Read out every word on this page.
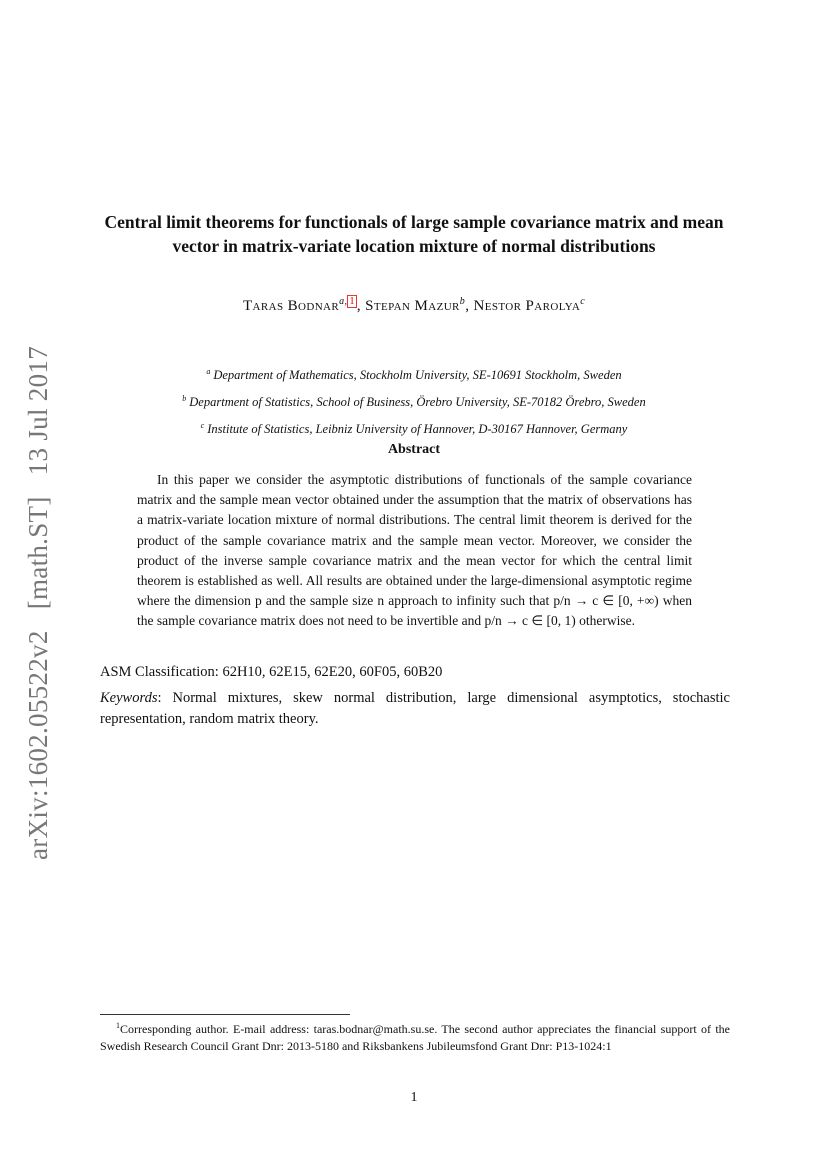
arXiv:1602.05522v2 [math.ST] 13 Jul 2017
Central limit theorems for functionals of large sample covariance matrix and mean vector in matrix-variate location mixture of normal distributions
Taras Bodnar$^{a, 1}$ , Stepan Mazur$^b$, Nestor Parolya$^c$
$^a$ Department of Mathematics, Stockholm University, SE-10691 Stockholm, Sweden
$^b$ Department of Statistics, School of Business, Örebro University, SE-70182 Örebro, Sweden
$^c$ Institute of Statistics, Leibniz University of Hannover, D-30167 Hannover, Germany
Abstract
In this paper we consider the asymptotic distributions of functionals of the sample covariance matrix and the sample mean vector obtained under the assumption that the matrix of observations has a matrix-variate location mixture of normal distributions. The central limit theorem is derived for the product of the sample covariance matrix and the sample mean vector. Moreover, we consider the product of the inverse sample covariance matrix and the mean vector for which the central limit theorem is established as well. All results are obtained under the large-dimensional asymptotic regime where the dimension p and the sample size n approach to infinity such that p/n → c ∈ [0, +∞) when the sample covariance matrix does not need to be invertible and p/n → c ∈ [0, 1) otherwise.
ASM Classification: 62H10, 62E15, 62E20, 60F05, 60B20
Keywords: Normal mixtures, skew normal distribution, large dimensional asymptotics, stochastic representation, random matrix theory.
$^1$Corresponding author. E-mail address: taras.bodnar@math.su.se. The second author appreciates the financial support of the Swedish Research Council Grant Dnr: 2013-5180 and Riksbankens Jubileumsfond Grant Dnr: P13-1024:1
1
